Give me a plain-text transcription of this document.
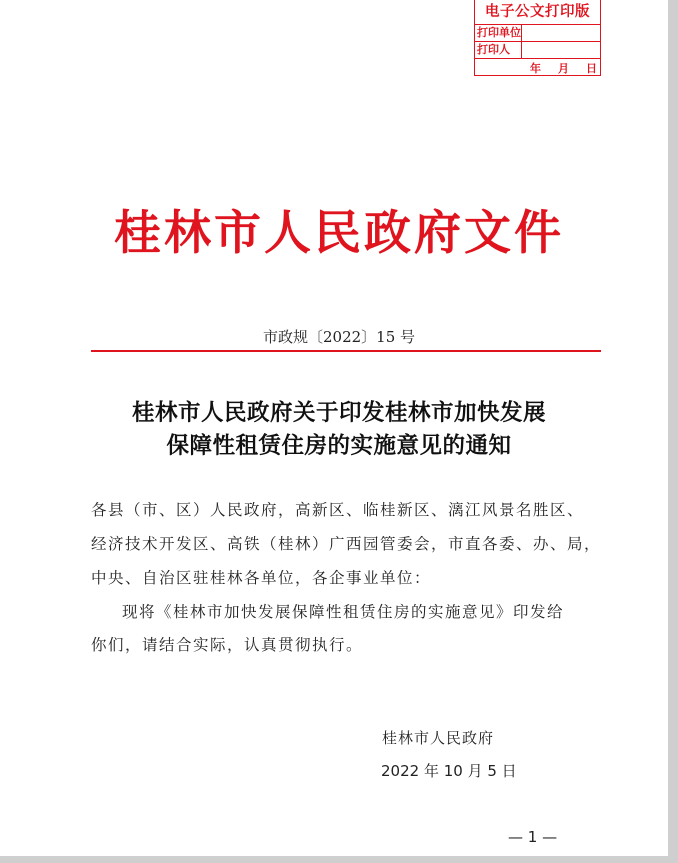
电子公文打印版
打印单位
打印人
年 月 日
桂林市人民政府文件
市政规〔2022〕15 号
桂林市人民政府关于印发桂林市加快发展
保障性租赁住房的实施意见的通知
各县（市、区）人民政府，高新区、临桂新区、漓江风景名胜区、
经济技术开发区、高铁（桂林）广西园管委会，市直各委、办、局，
中央、自治区驻桂林各单位，各企事业单位：
现将《桂林市加快发展保障性租赁住房的实施意见》印发给
你们，请结合实际，认真贯彻执行。
桂林市人民政府
2022 年 10 月 5 日
— 1 —
